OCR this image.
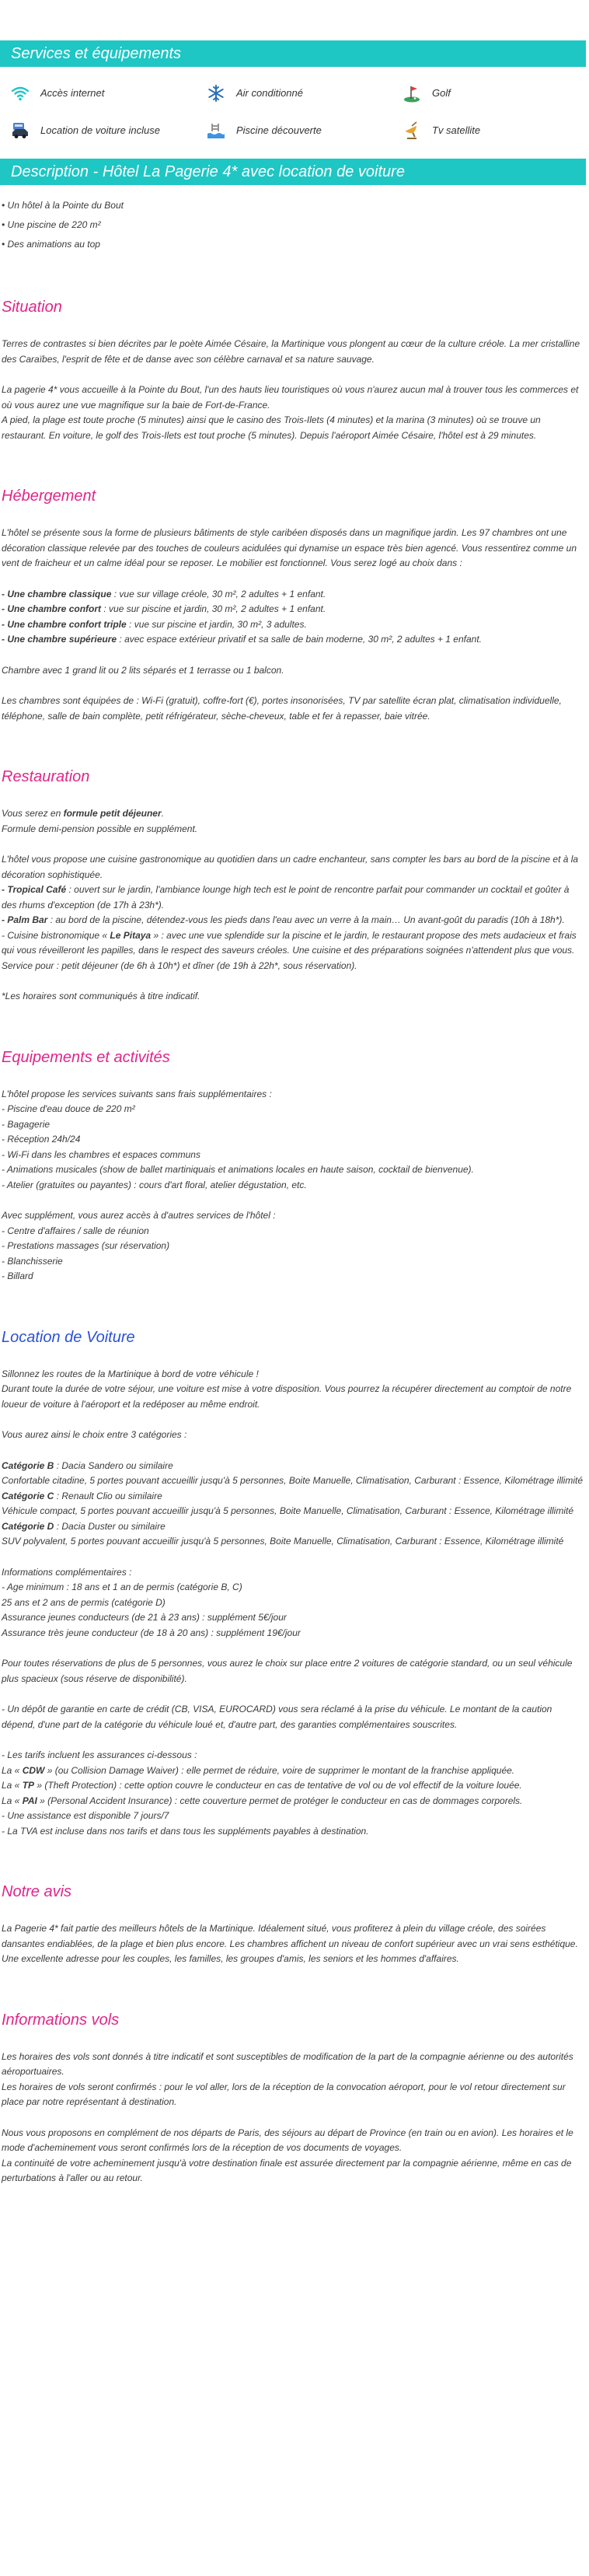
Services et équipements
Accès internet	Air conditionné	Golf
Location de voiture incluse	Piscine découverte	Tv satellite
Description - Hôtel La Pagerie 4* avec location de voiture
• Un hôtel à la Pointe du Bout
• Une piscine de 220 m²
• Des animations au top
Situation

Terres de contrastes si bien décrites par le poète Aimée Césaire, la Martinique vous plongent au cœur de la culture créole. La mer cristalline des Caraïbes, l'esprit de fête et de danse avec son célèbre carnaval et sa nature sauvage.

La pagerie 4* vous accueille à la Pointe du Bout, l'un des hauts lieu touristiques où vous n'aurez aucun mal à trouver tous les commerces et où vous aurez une vue magnifique sur la baie de Fort-de-France.

A pied, la plage est toute proche (5 minutes) ainsi que le casino des Trois-Ilets (4 minutes) et la marina (3 minutes) où se trouve un restaurant. En voiture, le golf des Trois-Ilets est tout proche (5 minutes). Depuis l'aéroport Aimée Césaire, l'hôtel est à 29 minutes.

Hébergement

L'hôtel se présente sous la forme de plusieurs bâtiments de style caribéen disposés dans un magnifique jardin. Les 97 chambres ont une décoration classique relevée par des touches de couleurs acidulées qui dynamise un espace très bien agencé. Vous ressentirez comme un vent de fraicheur et un calme idéal pour se reposer. Le mobilier est fonctionnel. Vous serez logé au choix dans :

- Une chambre classique : vue sur village créole, 30 m², 2 adultes + 1 enfant.

- Une chambre confort : vue sur piscine et jardin, 30 m², 2 adultes + 1 enfant.

- Une chambre confort triple : vue sur piscine et jardin, 30 m², 3 adultes.

- Une chambre supérieure : avec espace extérieur privatif et sa salle de bain moderne, 30 m², 2 adultes + 1 enfant.

Chambre avec 1 grand lit ou 2 lits séparés et 1 terrasse ou 1 balcon.

Les chambres sont équipées de : Wi-Fi (gratuit), coffre-fort (€), portes insonorisées, TV par satellite écran plat, climatisation individuelle, téléphone, salle de bain complète, petit réfrigérateur, sèche-cheveux, table et fer à repasser, baie vitrée.

Restauration

Vous serez en formule petit déjeuner.

Formule demi-pension possible en supplément.

L'hôtel vous propose une cuisine gastronomique au quotidien dans un cadre enchanteur, sans compter les bars au bord de la piscine et à la décoration sophistiquée.

- Tropical Café : ouvert sur le jardin, l'ambiance lounge high tech est le point de rencontre parfait pour commander un cocktail et goûter à des rhums d'exception (de 17h à 23h*).

- Palm Bar : au bord de la piscine, détendez-vous les pieds dans l'eau avec un verre à la main… Un avant-goût du paradis (10h à 18h*).

- Cuisine bistronomique « Le Pitaya » : avec une vue splendide sur la piscine et le jardin, le restaurant propose des mets audacieux et frais qui vous réveilleront les papilles, dans le respect des saveurs créoles. Une cuisine et des préparations soignées n'attendent plus que vous. Service pour : petit déjeuner (de 6h à 10h*) et dîner (de 19h à 22h*, sous réservation).

*Les horaires sont communiqués à titre indicatif.

Equipements et activités

L'hôtel propose les services suivants sans frais supplémentaires :

- Piscine d'eau douce de 220 m²

- Bagagerie

- Réception 24h/24

- Wi-Fi dans les chambres et espaces communs

- Animations musicales (show de ballet martiniquais et animations locales en haute saison, cocktail de bienvenue).

- Atelier (gratuites ou payantes) : cours d'art floral, atelier dégustation, etc.

Avec supplément, vous aurez accès à d'autres services de l'hôtel :

- Centre d'affaires / salle de réunion

- Prestations massages (sur réservation)

- Blanchisserie

- Billard

Location de Voiture

Sillonnez les routes de la Martinique à bord de votre véhicule !

Durant toute la durée de votre séjour, une voiture est mise à votre disposition. Vous pourrez la récupérer directement au comptoir de notre loueur de voiture à l'aéroport et la redéposer au même endroit.

Vous aurez ainsi le choix entre 3 catégories :

Catégorie B : Dacia Sandero ou similaire

Confortable citadine, 5 portes pouvant accueillir jusqu'à 5 personnes, Boite Manuelle, Climatisation, Carburant : Essence, Kilométrage illimité

Catégorie C : Renault Clio ou similaire

Véhicule compact, 5 portes pouvant accueillir jusqu'à 5 personnes, Boite Manuelle, Climatisation, Carburant : Essence, Kilométrage illimité

Catégorie D : Dacia Duster ou similaire

SUV polyvalent, 5 portes pouvant accueillir jusqu'à 5 personnes, Boite Manuelle, Climatisation, Carburant : Essence, Kilométrage illimité

Informations complémentaires :

- Age minimum : 18 ans et 1 an de permis (catégorie B, C)

25 ans et 2 ans de permis (catégorie D)

Assurance jeunes conducteurs (de 21 à 23 ans) : supplément 5€/jour

Assurance très jeune conducteur (de 18 à 20 ans) : supplément 19€/jour

Pour toutes réservations de plus de 5 personnes, vous aurez le choix sur place entre 2 voitures de catégorie standard, ou un seul véhicule plus spacieux (sous réserve de disponibilité).

- Un dépôt de garantie en carte de crédit (CB, VISA, EUROCARD) vous sera réclamé à la prise du véhicule. Le montant de la caution dépend, d'une part de la catégorie du véhicule loué et, d'autre part, des garanties complémentaires souscrites.

- Les tarifs incluent les assurances ci-dessous :

La « CDW » (ou Collision Damage Waiver) : elle permet de réduire, voire de supprimer le montant de la franchise appliquée.

La « TP » (Theft Protection) : cette option couvre le conducteur en cas de tentative de vol ou de vol effectif de la voiture louée.

La « PAI » (Personal Accident Insurance) : cette couverture permet de protéger le conducteur en cas de dommages corporels.

- Une assistance est disponible 7 jours/7

- La TVA est incluse dans nos tarifs et dans tous les suppléments payables à destination.

Notre avis

La Pagerie 4* fait partie des meilleurs hôtels de la Martinique. Idéalement situé, vous profiterez à plein du village créole, des soirées dansantes endiablées, de la plage et bien plus encore. Les chambres affichent un niveau de confort supérieur avec un vrai sens esthétique. Une excellente adresse pour les couples, les familles, les groupes d'amis, les seniors et les hommes d'affaires.

Informations vols

Les horaires des vols sont donnés à titre indicatif et sont susceptibles de modification de la part de la compagnie aérienne ou des autorités aéroportuaires.

Les horaires de vols seront confirmés : pour le vol aller, lors de la réception de la convocation aéroport, pour le vol retour directement sur place par notre représentant à destination.

Nous vous proposons en complément de nos départs de Paris, des séjours au départ de Province (en train ou en avion). Les horaires et le mode d'acheminement vous seront confirmés lors de la réception de vos documents de voyages.

La continuité de votre acheminement jusqu'à votre destination finale est assurée directement par la compagnie aérienne, même en cas de perturbations à l'aller ou au retour.
